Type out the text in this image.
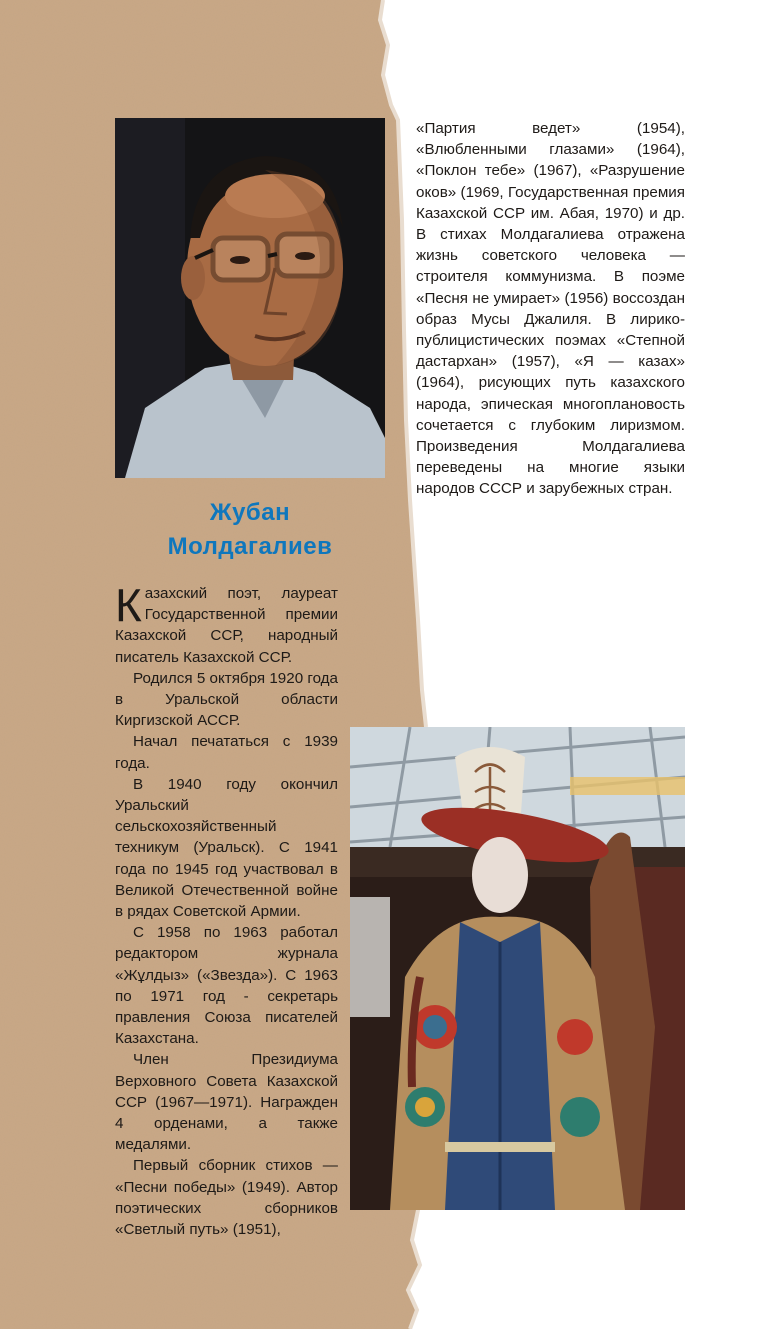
Жубан
Молдагалиев

Казахский поэт, лауреат Государственной премии Казахской ССР, народный писатель Казахской ССР.

Родился 5 октября 1920 года в Уральской области Киргизской АССР.

Начал печататься с 1939 года.

В 1940 году окончил Уральский сельскохозяйственный техникум (Уральск). С 1941 года по 1945 год участвовал в Великой Отечественной войне в рядах Советской Армии.

С 1958 по 1963 работал редактором журнала «Жұлдыз» («Звезда»). С 1963 по 1971 год - секретарь правления Союза писателей Казахстана.

Член Президиума Верховного Совета Казахской ССР (1967—1971). Награжден 4 орденами, а также медалями.

Первый сборник стихов — «Песни победы» (1949). Автор поэтических сборников «Светлый путь» (1951),

«Партия ведет» (1954), «Влюбленными глазами» (1964), «Поклон тебе» (1967), «Разрушение оков» (1969, Государственная премия Казахской ССР им. Абая, 1970) и др. В стихах Молдагалиева отражена жизнь советского человека — строителя коммунизма. В поэме «Песня не умирает» (1956) воссоздан образ Мусы Джалиля. В лирико-публицистических поэмах «Степной дастархан» (1957), «Я — казах» (1964), рисующих путь казахского народа, эпическая многоплановость сочетается с глубоким лиризмом. Произведения Молдагалиева переведены на многие языки народов СССР и зарубежных стран.
